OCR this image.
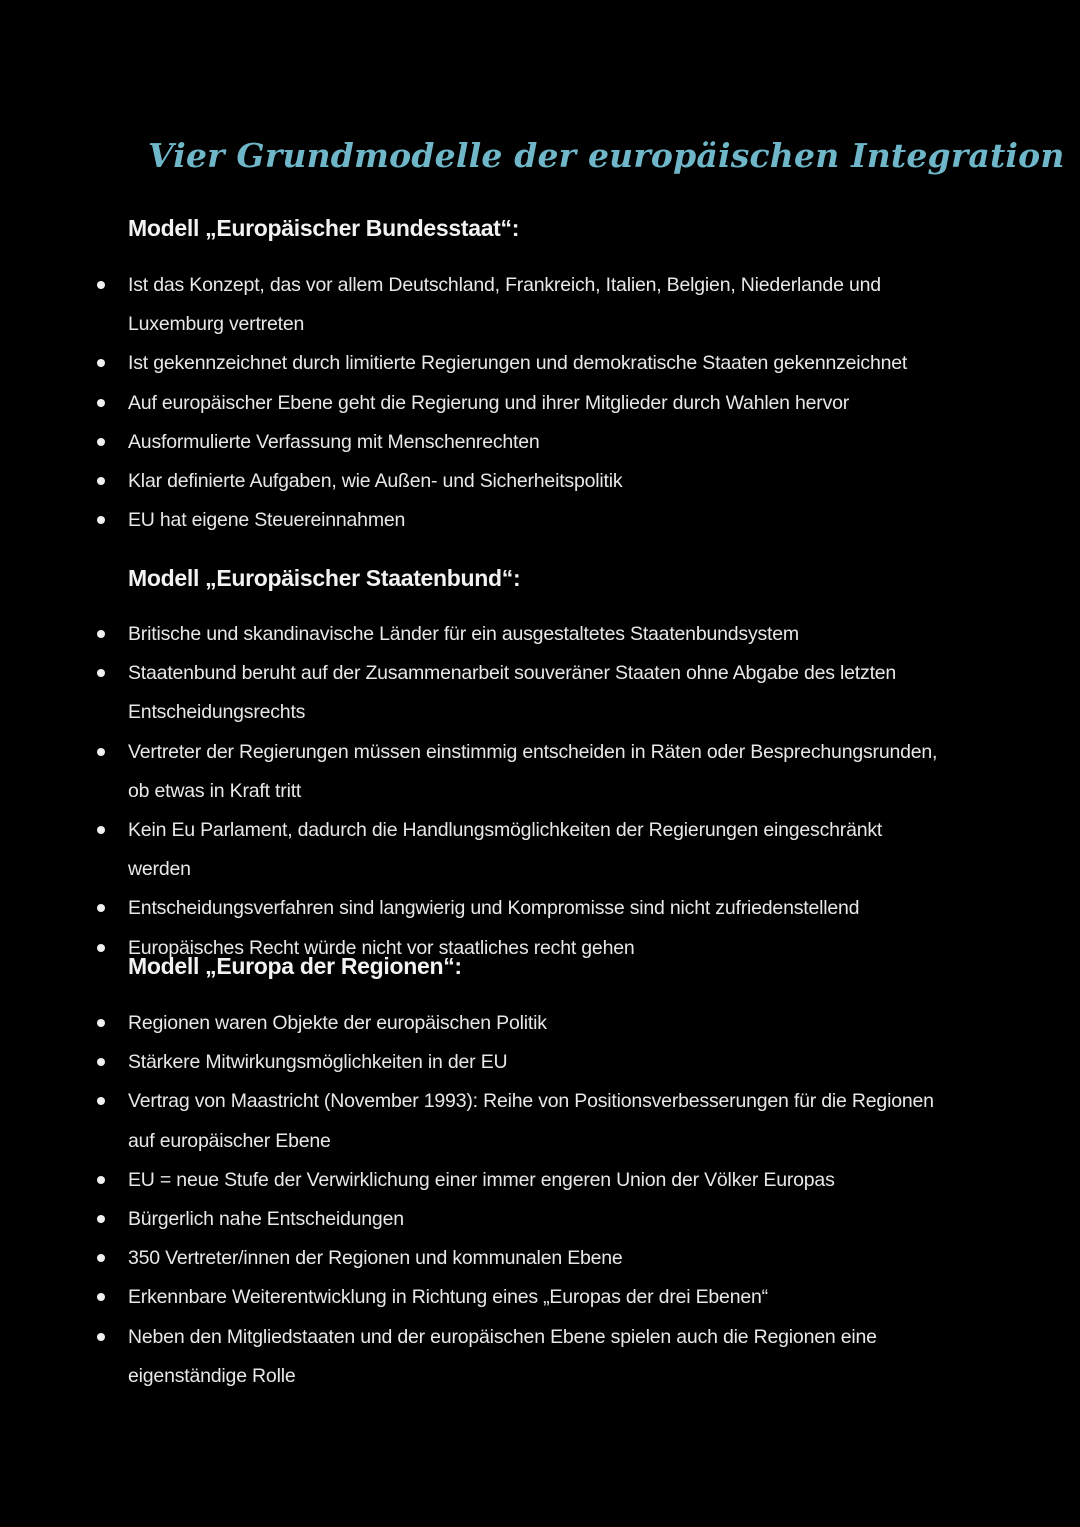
Vier Grundmodelle der europäischen Integration
Modell „Europäischer Bundesstaat“:
Ist das Konzept, das vor allem Deutschland, Frankreich, Italien, Belgien, Niederlande und Luxemburg vertreten
Ist gekennzeichnet durch limitierte Regierungen und demokratische Staaten gekennzeichnet
Auf europäischer Ebene geht die Regierung und ihrer Mitglieder durch Wahlen hervor
Ausformulierte Verfassung mit Menschenrechten
Klar definierte Aufgaben, wie Außen- und Sicherheitspolitik
EU hat eigene Steuereinnahmen
Modell „Europäischer Staatenbund“:
Britische und skandinavische Länder für ein ausgestaltetes Staatenbundsystem
Staatenbund beruht auf der Zusammenarbeit souveräner Staaten ohne Abgabe des letzten Entscheidungsrechts
Vertreter der Regierungen müssen einstimmig entscheiden in Räten oder Besprechungsrunden, ob etwas in Kraft tritt
Kein Eu Parlament, dadurch die Handlungsmöglichkeiten der Regierungen eingeschränkt werden
Entscheidungsverfahren sind langwierig und Kompromisse sind nicht zufriedenstellend
Europäisches Recht würde nicht vor staatliches recht gehen
Modell „Europa der Regionen“:
Regionen waren Objekte der europäischen Politik
Stärkere Mitwirkungsmöglichkeiten in der EU
Vertrag von Maastricht (November 1993): Reihe von Positionsverbesserungen für die Regionen auf europäischer Ebene
EU = neue Stufe der Verwirklichung einer immer engeren Union der Völker Europas
Bürgerlich nahe Entscheidungen
350 Vertreter/innen der Regionen und kommunalen Ebene
Erkennbare Weiterentwicklung in Richtung eines „Europas der drei Ebenen“
Neben den Mitgliedstaaten und der europäischen Ebene spielen auch die Regionen eine eigenständige Rolle
